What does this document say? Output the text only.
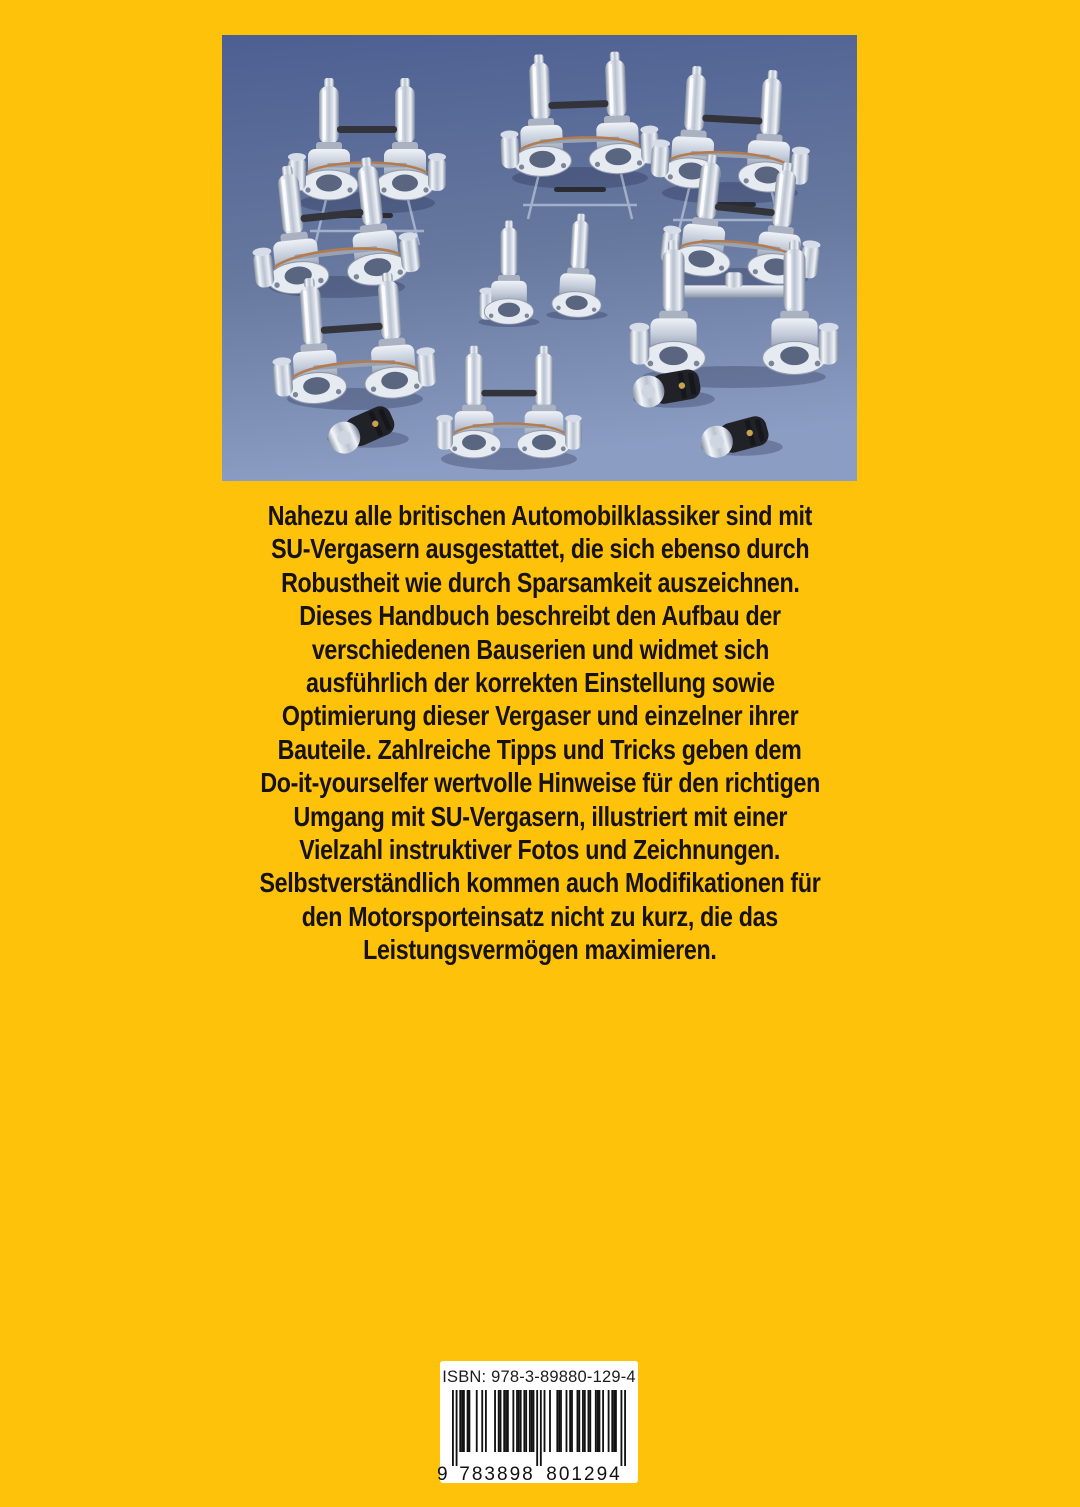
Nahezu alle britischen Automobilklassiker sind mit
SU-Vergasern ausgestattet, die sich ebenso durch
Robustheit wie durch Sparsamkeit auszeichnen.
Dieses Handbuch beschreibt den Aufbau der
verschiedenen Bauserien und widmet sich
ausführlich der korrekten Einstellung sowie
Optimierung dieser Vergaser und einzelner ihrer
Bauteile. Zahlreiche Tipps und Tricks geben dem
Do-it-yourselfer wertvolle Hinweise für den richtigen
Umgang mit SU-Vergasern, illustriert mit einer
Vielzahl instruktiver Fotos und Zeichnungen.
Selbstverständlich kommen auch Modifikationen für
den Motorsporteinsatz nicht zu kurz, die das
Leistungsvermögen maximieren.
ISBN: 978-3-89880-129-4
9 783898 801294
